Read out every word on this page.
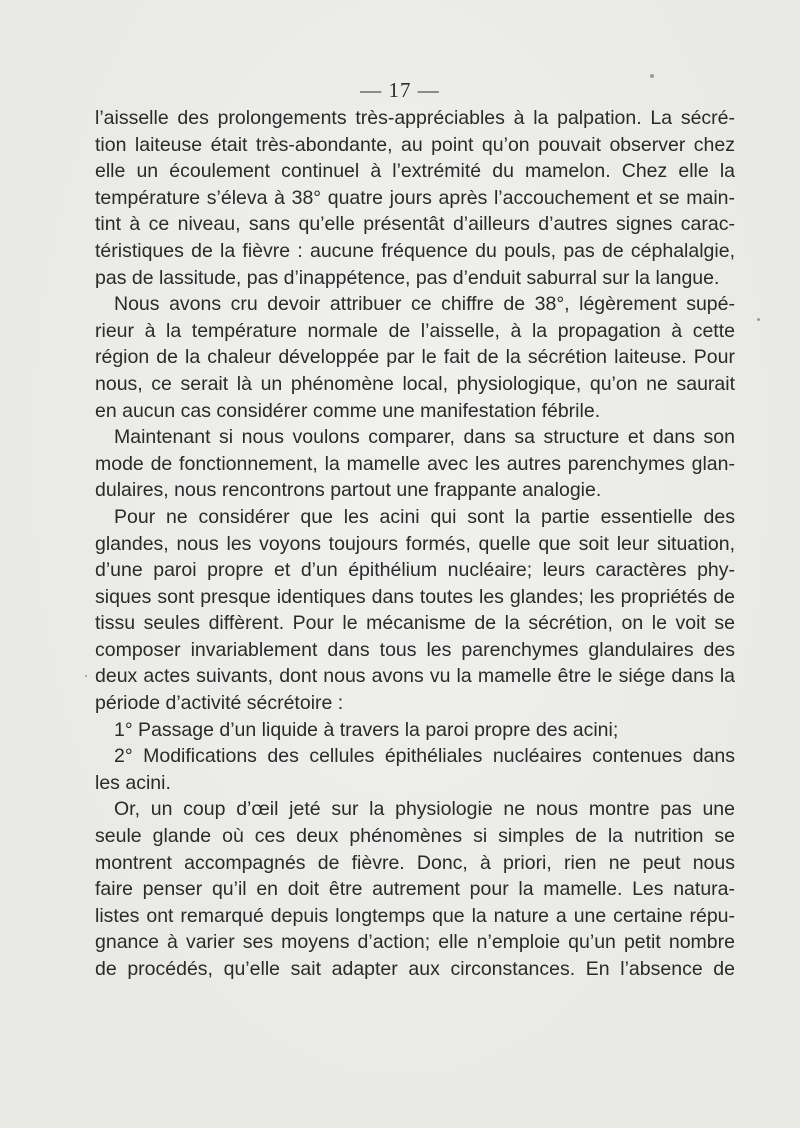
— 17 —
l’aisselle des prolongements très-appréciables à la palpation. La sécré-
tion laiteuse était très-abondante, au point qu’on pouvait observer chez
elle un écoulement continuel à l’extrémité du mamelon. Chez elle la
température s’éleva à 38° quatre jours après l’accouchement et se main-
tint à ce niveau, sans qu’elle présentât d’ailleurs d’autres signes carac-
téristiques de la fièvre : aucune fréquence du pouls, pas de céphalalgie,
pas de lassitude, pas d’inappétence, pas d’enduit saburral sur la langue.
Nous avons cru devoir attribuer ce chiffre de 38°, légèrement supé-
rieur à la température normale de l’aisselle, à la propagation à cette
région de la chaleur développée par le fait de la sécrétion laiteuse. Pour
nous, ce serait là un phénomène local, physiologique, qu’on ne saurait
en aucun cas considérer comme une manifestation fébrile.
Maintenant si nous voulons comparer, dans sa structure et dans son
mode de fonctionnement, la mamelle avec les autres parenchymes glan-
dulaires, nous rencontrons partout une frappante analogie.
Pour ne considérer que les acini qui sont la partie essentielle des
glandes, nous les voyons toujours formés, quelle que soit leur situation,
d’une paroi propre et d’un épithélium nucléaire; leurs caractères phy-
siques sont presque identiques dans toutes les glandes; les propriétés de
tissu seules diffèrent. Pour le mécanisme de la sécrétion, on le voit se
composer invariablement dans tous les parenchymes glandulaires des
deux actes suivants, dont nous avons vu la mamelle être le siége dans la
période d’activité sécrétoire :
1° Passage d’un liquide à travers la paroi propre des acini;
2° Modifications des cellules épithéliales nucléaires contenues dans
les acini.
Or, un coup d’œil jeté sur la physiologie ne nous montre pas une
seule glande où ces deux phénomènes si simples de la nutrition se
montrent accompagnés de fièvre. Donc, à priori, rien ne peut nous
faire penser qu’il en doit être autrement pour la mamelle. Les natura-
listes ont remarqué depuis longtemps que la nature a une certaine répu-
gnance à varier ses moyens d’action; elle n’emploie qu’un petit nombre
de procédés, qu’elle sait adapter aux circonstances. En l’absence de
